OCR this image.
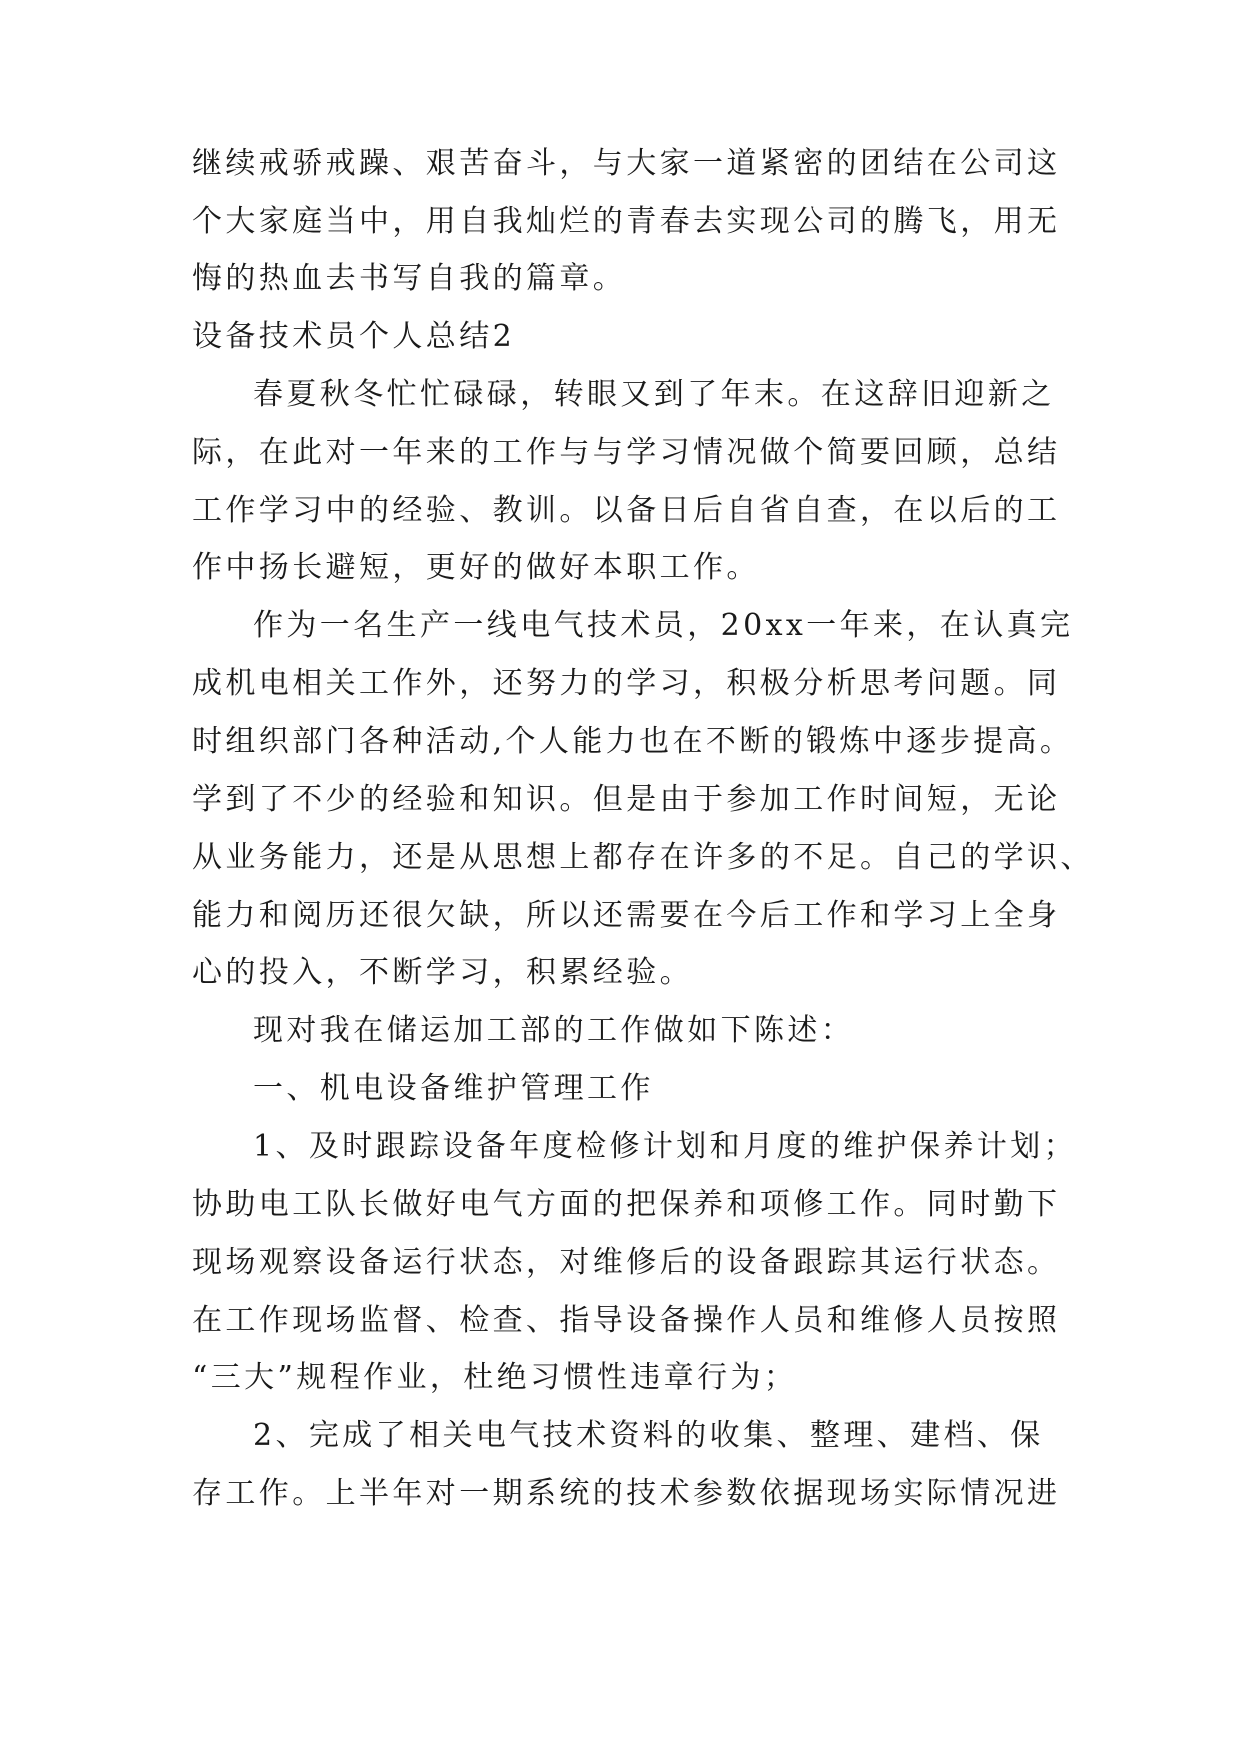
继续戒骄戒躁、艰苦奋斗，与大家一道紧密的团结在公司这
个大家庭当中，用自我灿烂的青春去实现公司的腾飞，用无
悔的热血去书写自我的篇章。
设备技术员个人总结2
春夏秋冬忙忙碌碌，转眼又到了年末。在这辞旧迎新之
际，在此对一年来的工作与与学习情况做个简要回顾，总结
工作学习中的经验、教训。以备日后自省自查，在以后的工
作中扬长避短，更好的做好本职工作。
作为一名生产一线电气技术员，20xx一年来，在认真完
成机电相关工作外，还努力的学习，积极分析思考问题。同
时组织部门各种活动,个人能力也在不断的锻炼中逐步提高。
学到了不少的经验和知识。但是由于参加工作时间短，无论
从业务能力，还是从思想上都存在许多的不足。自己的学识、
能力和阅历还很欠缺，所以还需要在今后工作和学习上全身
心的投入，不断学习，积累经验。
现对我在储运加工部的工作做如下陈述：
一、机电设备维护管理工作
1、及时跟踪设备年度检修计划和月度的维护保养计划；
协助电工队长做好电气方面的把保养和项修工作。同时勤下
现场观察设备运行状态，对维修后的设备跟踪其运行状态。
在工作现场监督、检查、指导设备操作人员和维修人员按照
“三大”规程作业，杜绝习惯性违章行为；
2、完成了相关电气技术资料的收集、整理、建档、保
存工作。上半年对一期系统的技术参数依据现场实际情况进
